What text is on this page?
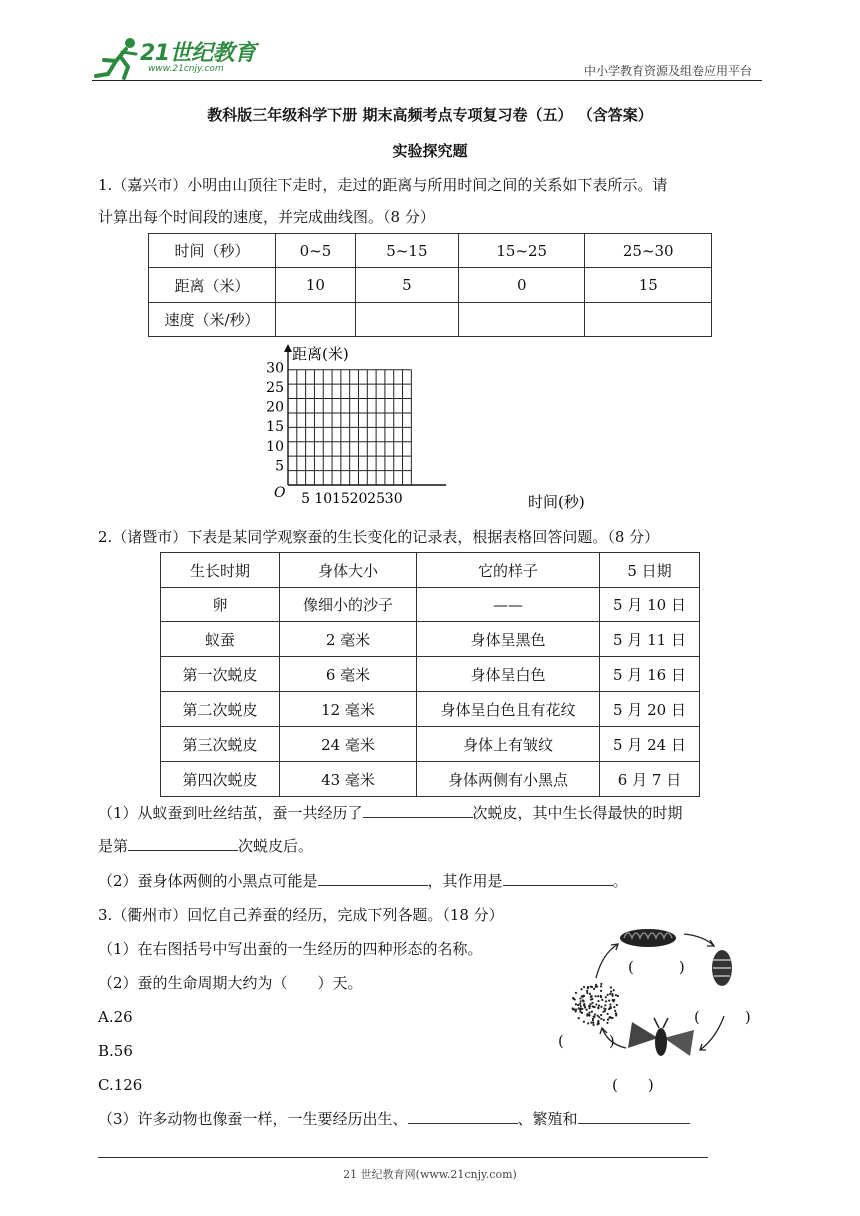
21世纪教育
www.21cnjy.com	中小学教育资源及组卷应用平台
教科版三年级科学下册 期末高频考点专项复习卷（五） （含答案）
实验探究题
1.（嘉兴市）小明由山顶往下走时，走过的距离与所用时间之间的关系如下表所示。请
计算出每个时间段的速度，并完成曲线图。（8 分）
时间（秒）	0~5	5~15	15~25	25~30
距离（米）	10	5	0	15
速度（米/秒）				
5 10 15 20 25 30
5
10
15
20
25
30
O
距离(米)
时间(秒)
2.（诸暨市）下表是某同学观察蚕的生长变化的记录表，根据表格回答问题。（8 分）
生长时期	身体大小	它的样子	5 日期
卵	像细小的沙子	——	5 月 10 日
蚁蚕	2 毫米	身体呈黑色	5 月 11 日
第一次蜕皮	6 毫米	身体呈白色	5 月 16 日
第二次蜕皮	12 毫米	身体呈白色且有花纹	5 月 20 日
第三次蜕皮	24 毫米	身体上有皱纹	5 月 24 日
第四次蜕皮	43 毫米	身体两侧有小黑点	6 月 7 日
（1）从蚁蚕到吐丝结茧，蚕一共经历了	次蜕皮，其中生长得最快的时期
是第	次蜕皮后。
（2）蚕身体两侧的小黑点可能是	，其作用是	。
3.（衢州市）回忆自己养蚕的经历，完成下列各题。（18 分）
（1）在右图括号中写出蚕的一生经历的四种形态的名称。
（2）蚕的生命周期大约为（　　）天。
A.26
B.56
C.126
（3）许多动物也像蚕一样，一生要经历出生、	、繁殖和
(　　　	)
(　　　	)
(　　　	)
(　　 )
21 世纪教育网(www.21cnjy.com)
